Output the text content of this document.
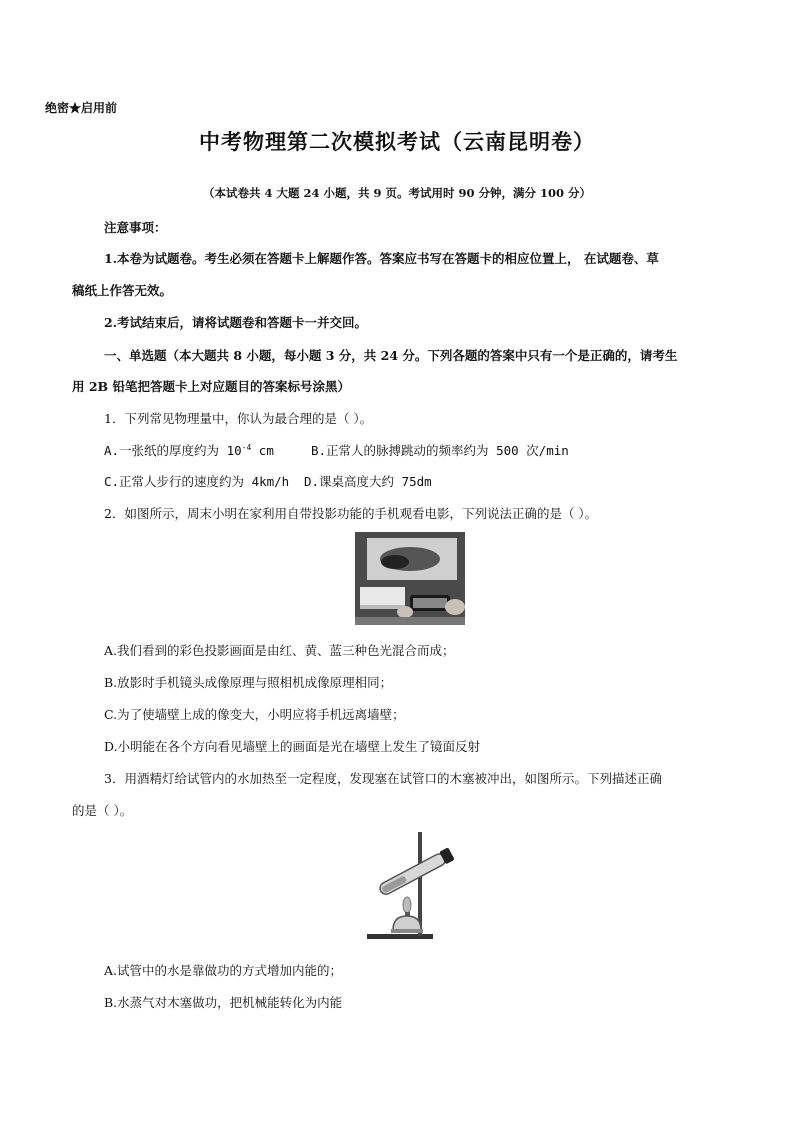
绝密★启用前
中考物理第二次模拟考试（云南昆明卷）
（本试卷共 4 大题 24 小题，共 9 页。考试用时 90 分钟，满分 100 分）
注意事项：
1.本卷为试题卷。考生必须在答题卡上解题作答。答案应书写在答题卡的相应位置上， 在试题卷、草
稿纸上作答无效。
2.考试结束后，请将试题卷和答题卡一并交回。
一、单选题（本大题共 8 小题，每小题 3 分，共 24 分。下列各题的答案中只有一个是正确的，请考生
用 2B 铅笔把答题卡上对应题目的答案标号涂黑）
1．下列常见物理量中，你认为最合理的是（ ）。
A.一张纸的厚度约为 $10^{-4}$ cm	B.正常人的脉搏跳动的频率约为 500 次/min
C.正常人步行的速度约为 4km/h D.课桌高度大约 75dm
2．如图所示，周末小明在家利用自带投影功能的手机观看电影，下列说法正确的是（ ）。
A.我们看到的彩色投影画面是由红、黄、蓝三种色光混合而成；
B.放影时手机镜头成像原理与照相机成像原理相同；
C.为了使墙壁上成的像变大，小明应将手机远离墙壁；
D.小明能在各个方向看见墙壁上的画面是光在墙壁上发生了镜面反射
3．用酒精灯给试管内的水加热至一定程度，发现塞在试管口的木塞被冲出，如图所示。下列描述正确
的是（ ）。
A.试管中的水是靠做功的方式增加内能的；
B.水蒸气对木塞做功，把机械能转化为内能
